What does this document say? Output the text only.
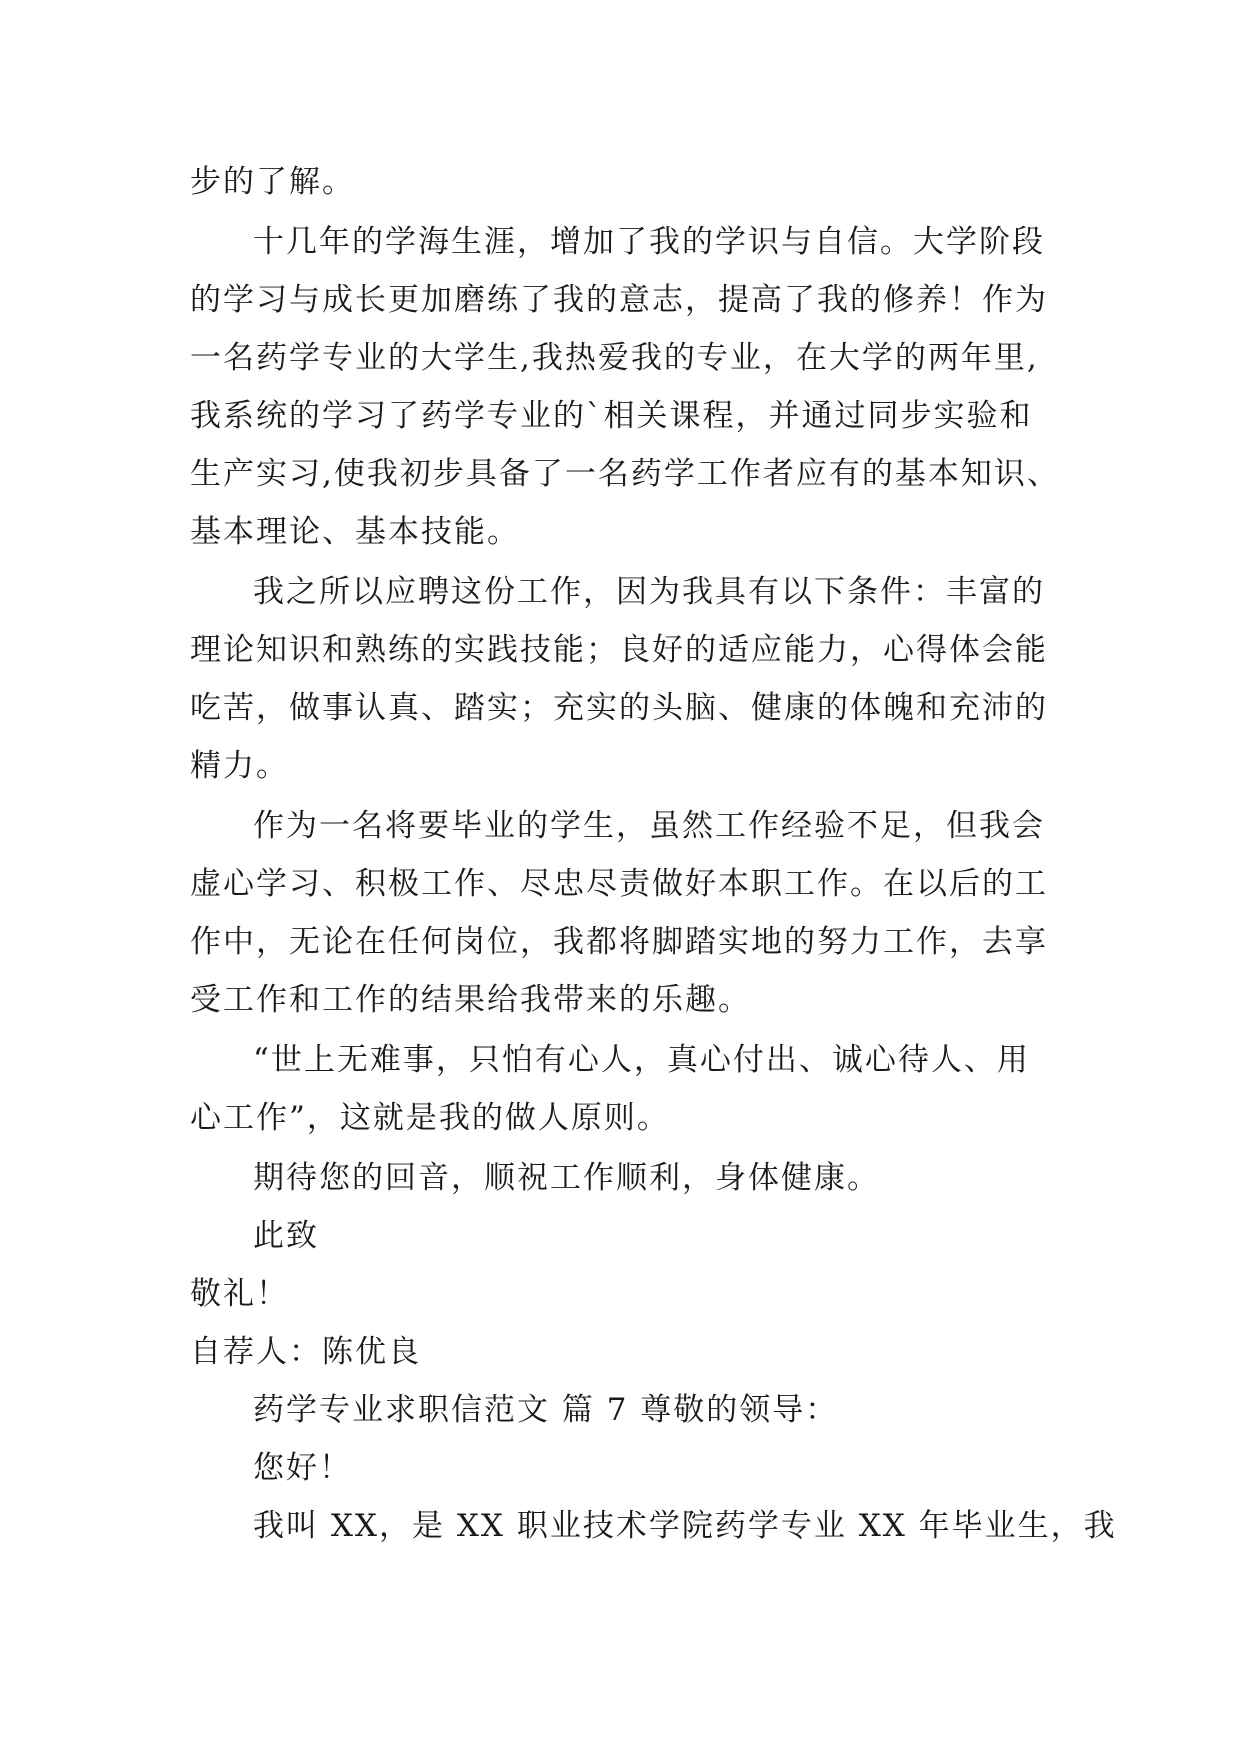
步的了解。
十几年的学海生涯，增加了我的学识与自信。大学阶段
的学习与成长更加磨练了我的意志，提高了我的修养！作为
一名药学专业的大学生,我热爱我的专业，在大学的两年里,
我系统的学习了药学专业的`相关课程，并通过同步实验和
生产实习,使我初步具备了一名药学工作者应有的基本知识、
基本理论、基本技能。
我之所以应聘这份工作，因为我具有以下条件：丰富的
理论知识和熟练的实践技能；良好的适应能力，心得体会能
吃苦，做事认真、踏实；充实的头脑、健康的体魄和充沛的
精力。
作为一名将要毕业的学生，虽然工作经验不足，但我会
虚心学习、积极工作、尽忠尽责做好本职工作。在以后的工
作中，无论在任何岗位，我都将脚踏实地的努力工作，去享
受工作和工作的结果给我带来的乐趣。
“世上无难事，只怕有心人，真心付出、诚心待人、用
心工作”，这就是我的做人原则。
期待您的回音，顺祝工作顺利，身体健康。
此致
敬礼！
自荐人：陈优良
药学专业求职信范文 篇 7 尊敬的领导：
您好！
我叫 XX，是 XX 职业技术学院药学专业 XX 年毕业生，我
